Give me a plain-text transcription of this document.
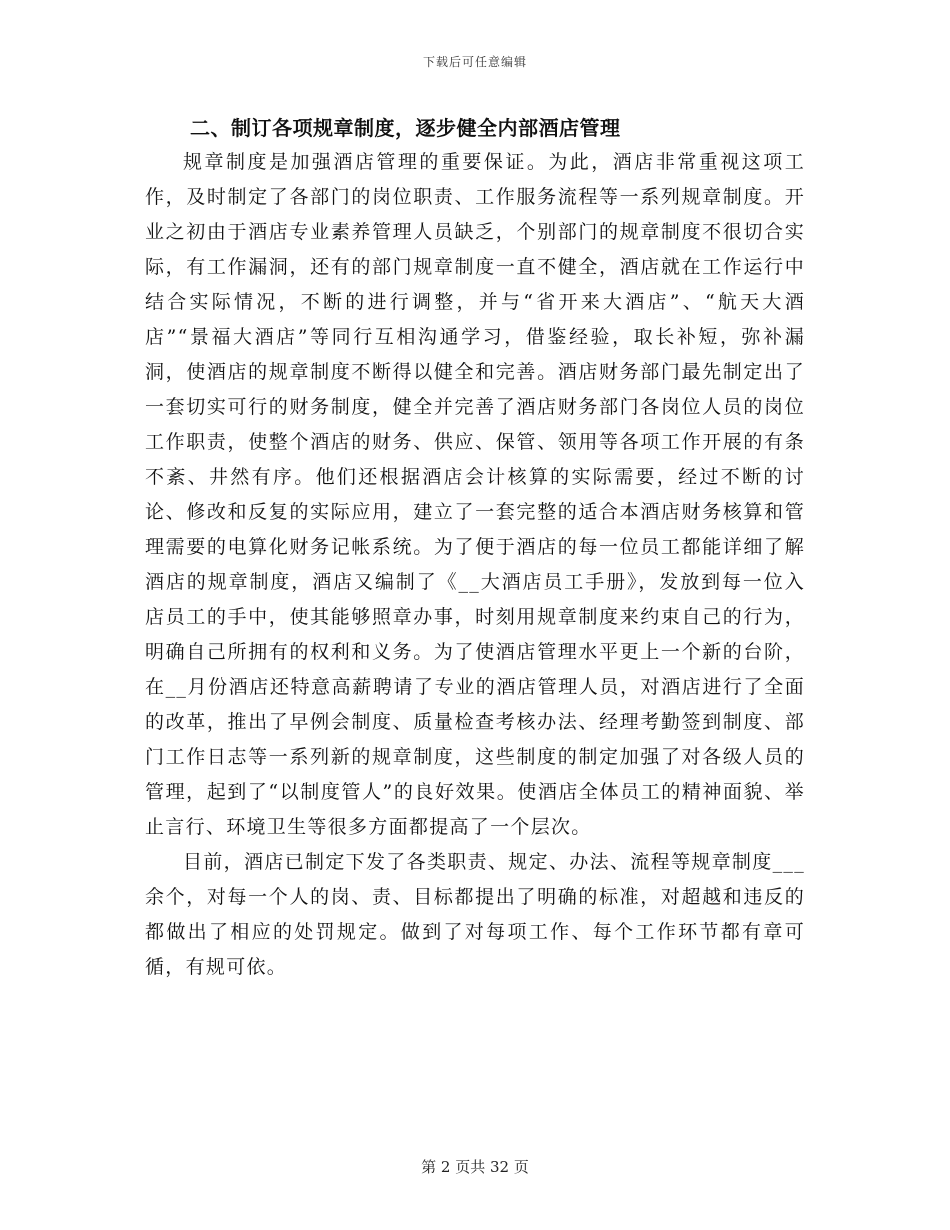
下载后可任意编辑
二、制订各项规章制度，逐步健全内部酒店管理

规章制度是加强酒店管理的重要保证。为此，酒店非常重视这项工作，及时制定了各部门的岗位职责、工作服务流程等一系列规章制度。开业之初由于酒店专业素养管理人员缺乏，个别部门的规章制度不很切合实际，有工作漏洞，还有的部门规章制度一直不健全，酒店就在工作运行中结合实际情况，不断的进行调整，并与“省开来大酒店”、“航天大酒店”“景福大酒店”等同行互相沟通学习，借鉴经验，取长补短，弥补漏洞，使酒店的规章制度不断得以健全和完善。酒店财务部门最先制定出了一套切实可行的财务制度，健全并完善了酒店财务部门各岗位人员的岗位工作职责，使整个酒店的财务、供应、保管、领用等各项工作开展的有条不紊、井然有序。他们还根据酒店会计核算的实际需要，经过不断的讨论、修改和反复的实际应用，建立了一套完整的适合本酒店财务核算和管理需要的电算化财务记帐系统。为了便于酒店的每一位员工都能详细了解酒店的规章制度，酒店又编制了《__大酒店员工手册》，发放到每一位入店员工的手中，使其能够照章办事，时刻用规章制度来约束自己的行为，明确自己所拥有的权利和义务。为了使酒店管理水平更上一个新的台阶，在__月份酒店还特意高薪聘请了专业的酒店管理人员，对酒店进行了全面的改革，推出了早例会制度、质量检查考核办法、经理考勤签到制度、部门工作日志等一系列新的规章制度，这些制度的制定加强了对各级人员的管理，起到了“以制度管人”的良好效果。使酒店全体员工的精神面貌、举止言行、环境卫生等很多方面都提高了一个层次。

目前，酒店已制定下发了各类职责、规定、办法、流程等规章制度___余个，对每一个人的岗、责、目标都提出了明确的标准，对超越和违反的都做出了相应的处罚规定。做到了对每项工作、每个工作环节都有章可循，有规可依。

第 2 页共 32 页
